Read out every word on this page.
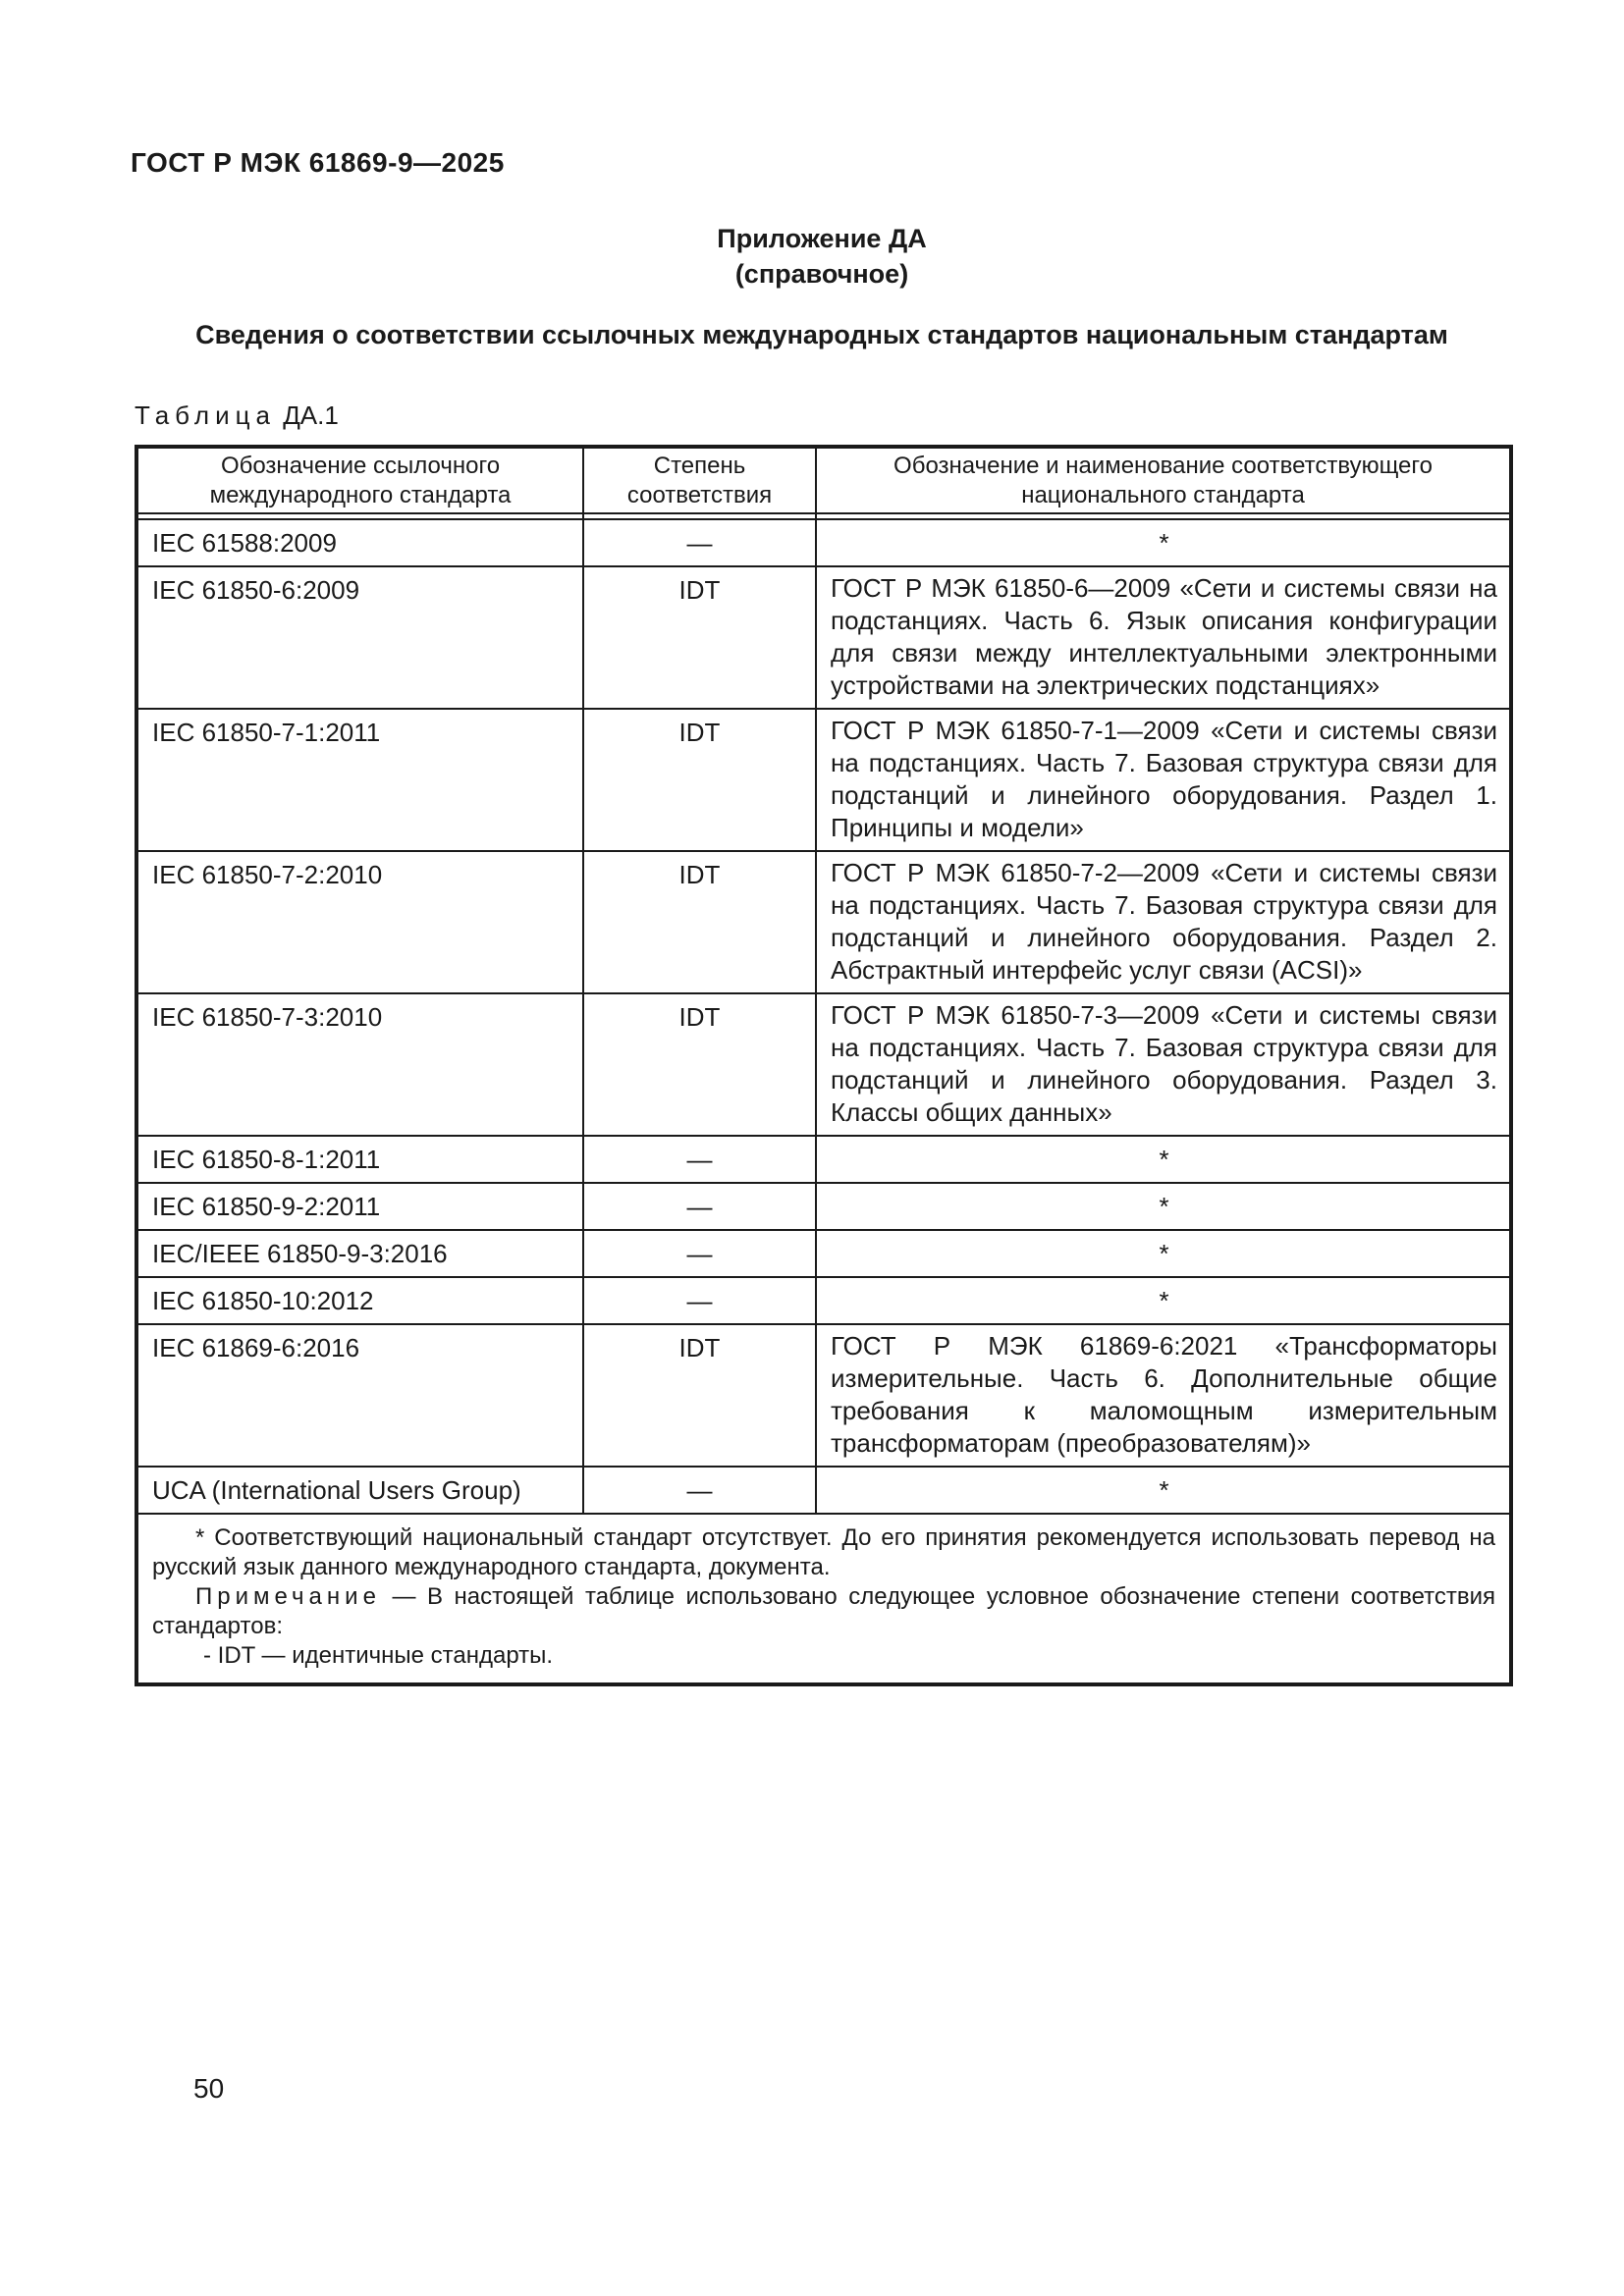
ГОСТ Р МЭК 61869-9—2025
Приложение ДА
(справочное)
Сведения о соответствии ссылочных международных стандартов национальным стандартам
Таблица ДА.1
Обозначение ссылочного международного стандарта	Степень соответствия	Обозначение и наименование соответствующего национального стандарта

IEC 61588:2009	—	*
IEC 61850-6:2009	IDT	ГОСТ Р МЭК 61850-6—2009 «Сети и системы связи на подстанциях. Часть 6. Язык описания конфигурации для связи между интеллектуальными электронными устройствами на электрических подстанциях»
IEC 61850-7-1:2011	IDT	ГОСТ Р МЭК 61850-7-1—2009 «Сети и системы связи на подстанциях. Часть 7. Базовая структура связи для подстанций и линейного оборудования. Раздел 1. Принципы и модели»
IEC 61850-7-2:2010	IDT	ГОСТ Р МЭК 61850-7-2—2009 «Сети и системы связи на подстанциях. Часть 7. Базовая структура связи для подстанций и линейного оборудования. Раздел 2. Абстрактный интерфейс услуг связи (ACSI)»
IEC 61850-7-3:2010	IDT	ГОСТ Р МЭК 61850-7-3—2009 «Сети и системы связи на подстанциях. Часть 7. Базовая структура связи для подстанций и линейного оборудования. Раздел 3. Классы общих данных»
IEC 61850-8-1:2011	—	*
IEC 61850-9-2:2011	—	*
IEC/IEEE 61850-9-3:2016	—	*
IEC 61850-10:2012	—	*
IEC 61869-6:2016	IDT	ГОСТ Р МЭК 61869-6:2021 «Трансформаторы измерительные. Часть 6. Дополнительные общие требования к маломощным измерительным трансформаторам (преобразователям)»
UCA (International Users Group)	—	*

* Соответствующий национальный стандарт отсутствует. До его принятия рекомендуется использовать перевод на русский язык данного международного стандарта, документа.

Примечание — В настоящей таблице использовано следующее условное обозначение степени соответствия стандартов:

- IDT — идентичные стандарты.		

50
